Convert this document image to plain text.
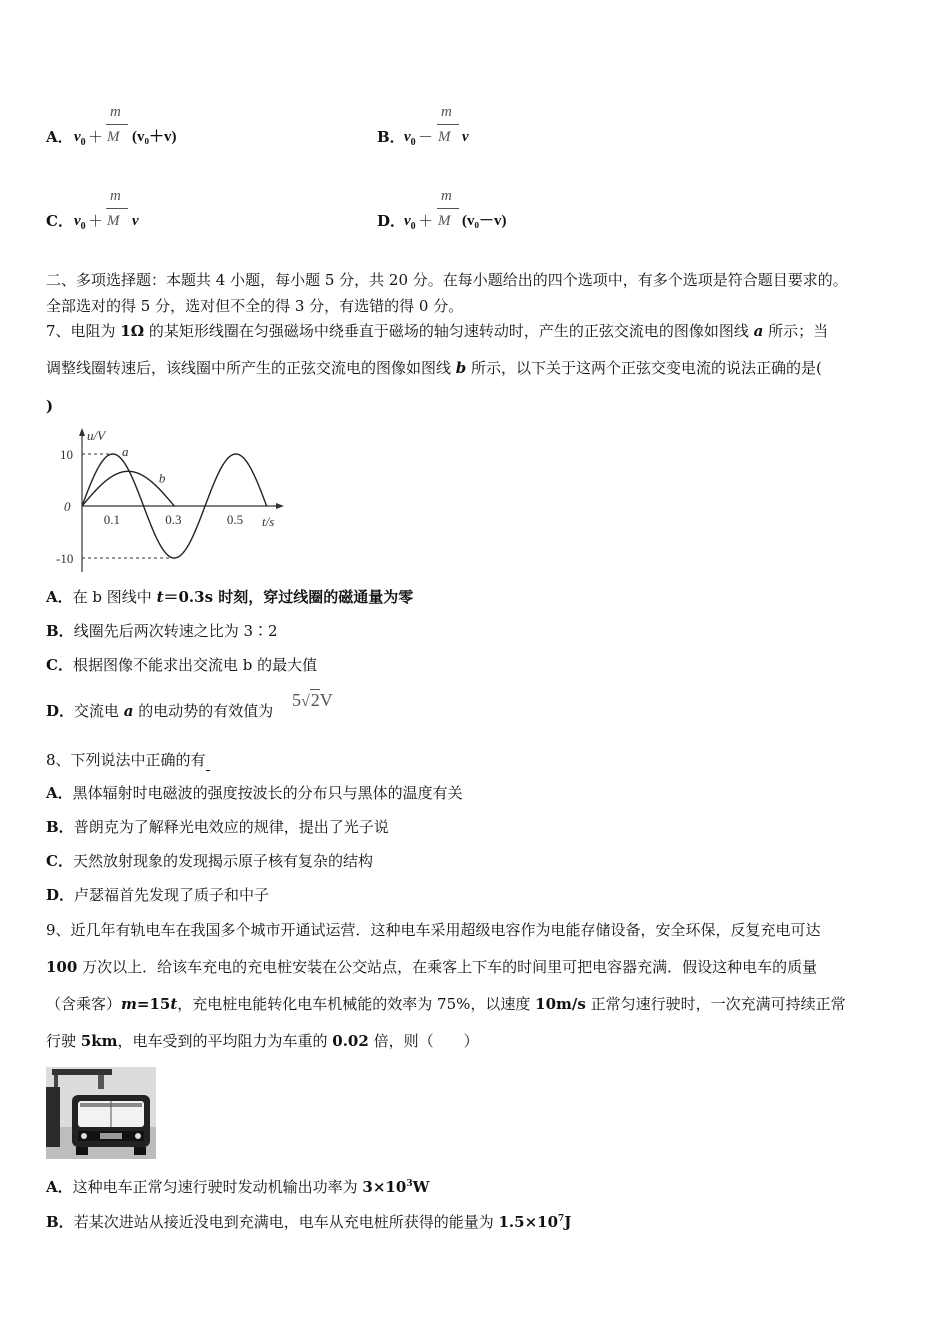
A． $v_0$ ＋
m
M (v₀＋v)	B． $v_0$ －
m
M v
C． $v_0$ ＋
m
M v	D．
$v_0$ ＋
m
M (v₀－v)
二、多项选择题：本题共 4 小题，每小题 5 分，共 20 分。在每小题给出的四个选项中，有多个选项是符合题目要求的。
全部选对的得 5 分，选对但不全的得 3 分，有选错的得 0 分。
7、电阻为 1Ω 的某矩形线圈在匀强磁场中绕垂直于磁场的轴匀速转动时，产生的正弦交流电的图像如图线 a 所示；当
调整线圈转速后，该线圈中所产生的正弦交流电的图像如图线 b 所示，以下关于这两个正弦交变电流的说法正确的是(
)
u/V
t/s
0
10
-10
0.1	0.3	0.5
a
b
A．在 b 图线中 t＝0.3s 时刻，穿过线圈的磁通量为零
B．线圈先后两次转速之比为 3∶2
C．根据图像不能求出交流电 b 的最大值
D．交流电 a 的电动势的有效值为
5√2V
8、下列说法中正确的有
A．黑体辐射时电磁波的强度按波长的分布只与黑体的温度有关
B．普朗克为了解释光电效应的规律，提出了光子说
C．天然放射现象的发现揭示原子核有复杂的结构
D．卢瑟福首先发现了质子和中子
9、近几年有轨电车在我国多个城市开通试运营．这种电车采用超级电容作为电能存储设备，安全环保，反复充电可达
100 万次以上．给该车充电的充电桩安装在公交站点，在乘客上下车的时间里可把电容器充满．假设这种电车的质量
（含乘客）m=15t，充电桩电能转化电车机械能的效率为 75%，以速度 10m/s 正常匀速行驶时，一次充满可持续正常
行驶 5km，电车受到的平均阻力为车重的 0.02 倍，则（　　）
A．这种电车正常匀速行驶时发动机输出功率为 $3\times 10^3W$
B．若某次进站从接近没电到充满电，电车从充电桩所获得的能量为 $1.5\times 10^7J$
